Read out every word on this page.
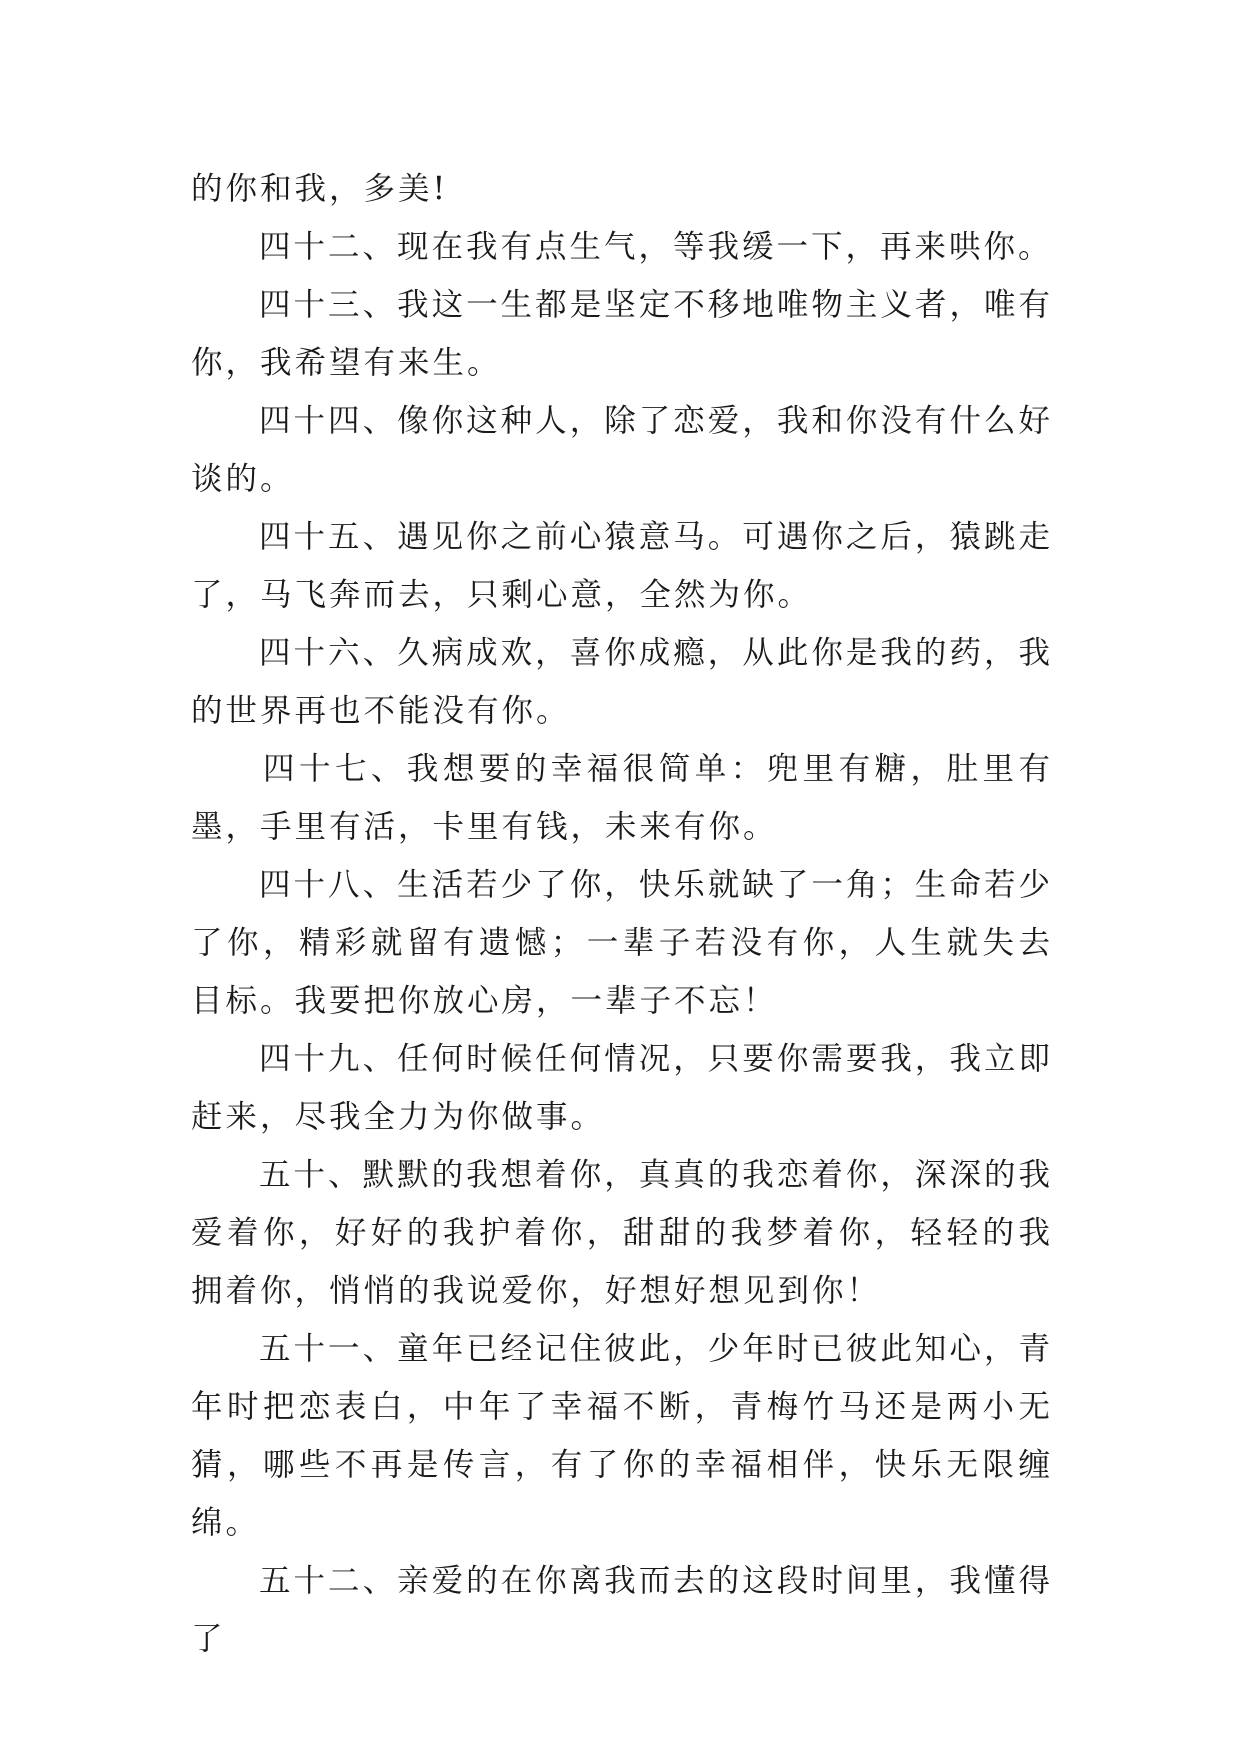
的你和我，多美!

四十二、现在我有点生气，等我缓一下，再来哄你。

四十三、我这一生都是坚定不移地唯物主义者，唯有你，我希望有来生。

四十四、像你这种人，除了恋爱，我和你没有什么好谈的。

四十五、遇见你之前心猿意马。可遇你之后，猿跳走了，马飞奔而去，只剩心意，全然为你。

四十六、久病成欢，喜你成瘾，从此你是我的药，我的世界再也不能没有你。

四十七、我想要的幸福很简单：兜里有糖，肚里有墨，手里有活，卡里有钱，未来有你。

四十八、生活若少了你，快乐就缺了一角；生命若少了你，精彩就留有遗憾；一辈子若没有你，人生就失去目标。我要把你放心房，一辈子不忘！

四十九、任何时候任何情况，只要你需要我，我立即赶来，尽我全力为你做事。

五十、默默的我想着你，真真的我恋着你，深深的我爱着你，好好的我护着你，甜甜的我梦着你，轻轻的我拥着你，悄悄的我说爱你，好想好想见到你！

五十一、童年已经记住彼此，少年时已彼此知心，青年时把恋表白，中年了幸福不断，青梅竹马还是两小无猜，哪些不再是传言，有了你的幸福相伴，快乐无限缠绵。

五十二、亲爱的在你离我而去的这段时间里，我懂得了
